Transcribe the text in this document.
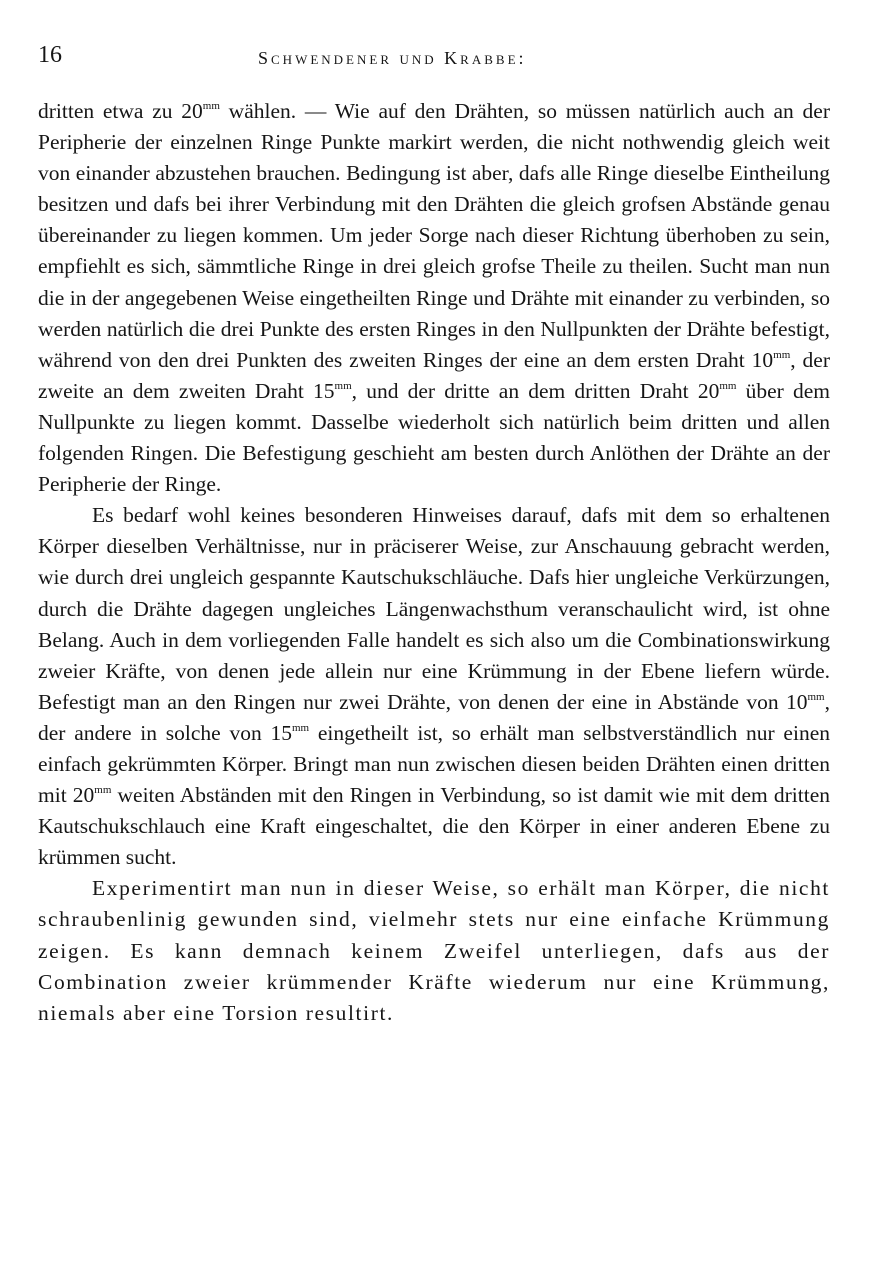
16	Schwendener und Krabbe:

dritten etwa zu $20^{mm}$ wählen. — Wie auf den Drähten, so müssen natürlich auch an der Peripherie der einzelnen Ringe Punkte markirt werden, die nicht nothwendig gleich weit von einander abzustehen brauchen. Bedingung ist aber, dafs alle Ringe dieselbe Eintheilung besitzen und dafs bei ihrer Verbindung mit den Drähten die gleich grofsen Abstände genau übereinander zu liegen kommen. Um jeder Sorge nach dieser Richtung überhoben zu sein, empfiehlt es sich, sämmtliche Ringe in drei gleich grofse Theile zu theilen. Sucht man nun die in der angegebenen Weise eingetheilten Ringe und Drähte mit einander zu verbinden, so werden natürlich die drei Punkte des ersten Ringes in den Nullpunkten der Drähte befestigt, während von den drei Punkten des zweiten Ringes der eine an dem ersten Draht $10^{mm}$, der zweite an dem zweiten Draht $15^{mm}$, und der dritte an dem dritten Draht $20^{mm}$ über dem Nullpunkte zu liegen kommt. Dasselbe wiederholt sich natürlich beim dritten und allen folgenden Ringen. Die Befestigung geschieht am besten durch Anlöthen der Drähte an der Peripherie der Ringe.

Es bedarf wohl keines besonderen Hinweises darauf, dafs mit dem so erhaltenen Körper dieselben Verhältnisse, nur in präciserer Weise, zur Anschauung gebracht werden, wie durch drei ungleich gespannte Kautschukschläuche. Dafs hier ungleiche Verkürzungen, durch die Drähte dagegen ungleiches Längenwachsthum veranschaulicht wird, ist ohne Belang. Auch in dem vorliegenden Falle handelt es sich also um die Combinationswirkung zweier Kräfte, von denen jede allein nur eine Krümmung in der Ebene liefern würde. Befestigt man an den Ringen nur zwei Drähte, von denen der eine in Abstände von $10^{mm}$, der andere in solche von $15^{mm}$ eingetheilt ist, so erhält man selbstverständlich nur einen einfach gekrümmten Körper. Bringt man nun zwischen diesen beiden Drähten einen dritten mit $20^{mm}$ weiten Abständen mit den Ringen in Verbindung, so ist damit wie mit dem dritten Kautschukschlauch eine Kraft eingeschaltet, die den Körper in einer anderen Ebene zu krümmen sucht.

Experimentirt man nun in dieser Weise, so erhält man Körper, die nicht schraubenlinig gewunden sind, vielmehr stets nur eine einfache Krümmung zeigen. Es kann demnach keinem Zweifel unterliegen, dafs aus der Combination zweier krümmender Kräfte wiederum nur eine Krümmung, niemals aber eine Torsion resultirt.
